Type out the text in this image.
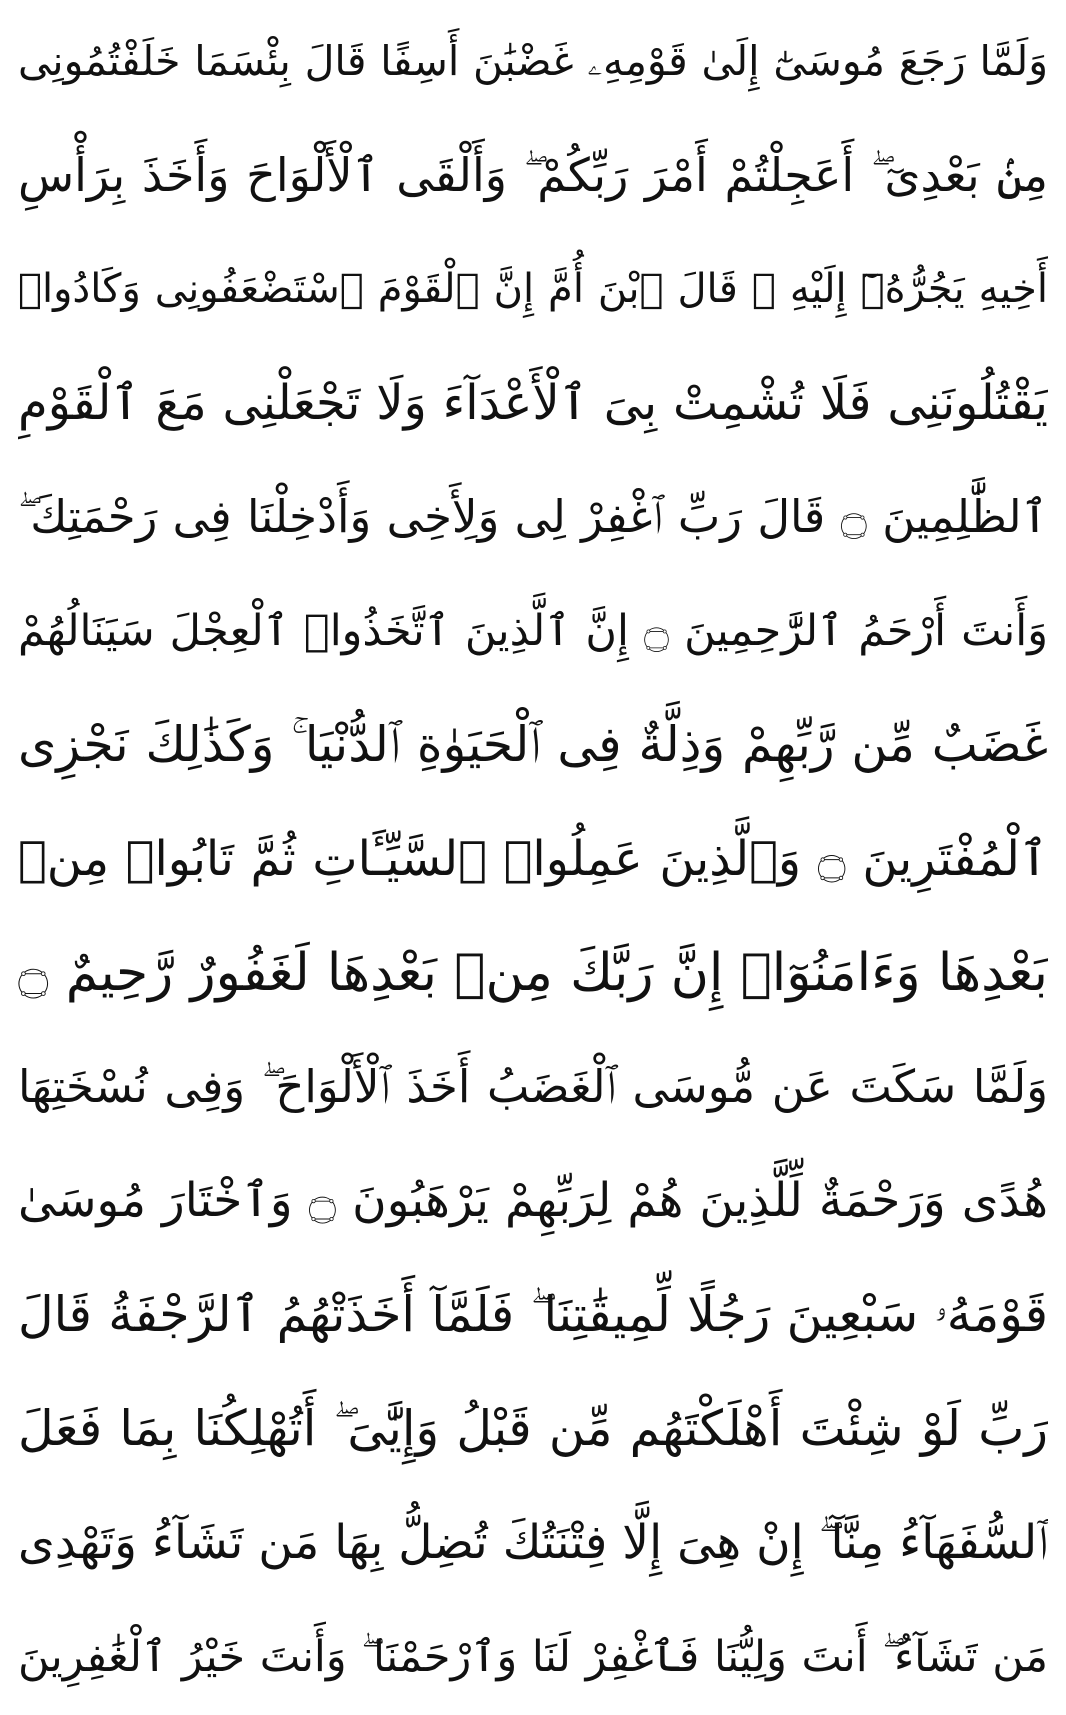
وَلَمَّا رَجَعَ مُوسَىٰٓ إِلَىٰ قَوْمِهِۦ غَضْبَٰنَ أَسِفًا قَالَ بِئْسَمَا خَلَفْتُمُونِى
مِنۢ بَعْدِىٓ ۖ أَعَجِلْتُمْ أَمْرَ رَبِّكُمْ ۖ وَأَلْقَى ٱلْأَلْوَاحَ وَأَخَذَ بِرَأْسِ
أَخِيهِ يَجُرُّهُۥٓ إِلَيْهِ ۚ قَالَ ٱبْنَ أُمَّ إِنَّ ٱلْقَوْمَ ٱسْتَضْعَفُونِى وَكَادُوا۟
يَقْتُلُونَنِى فَلَا تُشْمِتْ بِىَ ٱلْأَعْدَآءَ وَلَا تَجْعَلْنِى مَعَ ٱلْقَوْمِ
ٱلظَّٰلِمِينَ ۝ قَالَ رَبِّ ٱغْفِرْ لِى وَلِأَخِى وَأَدْخِلْنَا فِى رَحْمَتِكَ ۖ
وَأَنتَ أَرْحَمُ ٱلرَّٰحِمِينَ ۝ إِنَّ ٱلَّذِينَ ٱتَّخَذُوا۟ ٱلْعِجْلَ سَيَنَالُهُمْ
غَضَبٌ مِّن رَّبِّهِمْ وَذِلَّةٌ فِى ٱلْحَيَوٰةِ ٱلدُّنْيَا ۚ وَكَذَٰلِكَ نَجْزِى
ٱلْمُفْتَرِينَ ۝ وَٱلَّذِينَ عَمِلُوا۟ ٱلسَّيِّـَٔاتِ ثُمَّ تَابُوا۟ مِنۢ
بَعْدِهَا وَءَامَنُوٓا۟ إِنَّ رَبَّكَ مِنۢ بَعْدِهَا لَغَفُورٌ رَّحِيمٌ ۝
وَلَمَّا سَكَتَ عَن مُّوسَى ٱلْغَضَبُ أَخَذَ ٱلْأَلْوَاحَ ۖ وَفِى نُسْخَتِهَا
هُدًى وَرَحْمَةٌ لِّلَّذِينَ هُمْ لِرَبِّهِمْ يَرْهَبُونَ ۝ وَٱخْتَارَ مُوسَىٰ
قَوْمَهُۥ سَبْعِينَ رَجُلًا لِّمِيقَٰتِنَا ۖ فَلَمَّآ أَخَذَتْهُمُ ٱلرَّجْفَةُ قَالَ
رَبِّ لَوْ شِئْتَ أَهْلَكْتَهُم مِّن قَبْلُ وَإِيَّٰىَ ۖ أَتُهْلِكُنَا بِمَا فَعَلَ
ٱلسُّفَهَآءُ مِنَّآ ۖ إِنْ هِىَ إِلَّا فِتْنَتُكَ تُضِلُّ بِهَا مَن تَشَآءُ وَتَهْدِى
مَن تَشَآءُ ۖ أَنتَ وَلِيُّنَا فَٱغْفِرْ لَنَا وَٱرْحَمْنَا ۖ وَأَنتَ خَيْرُ ٱلْغَٰفِرِينَ
